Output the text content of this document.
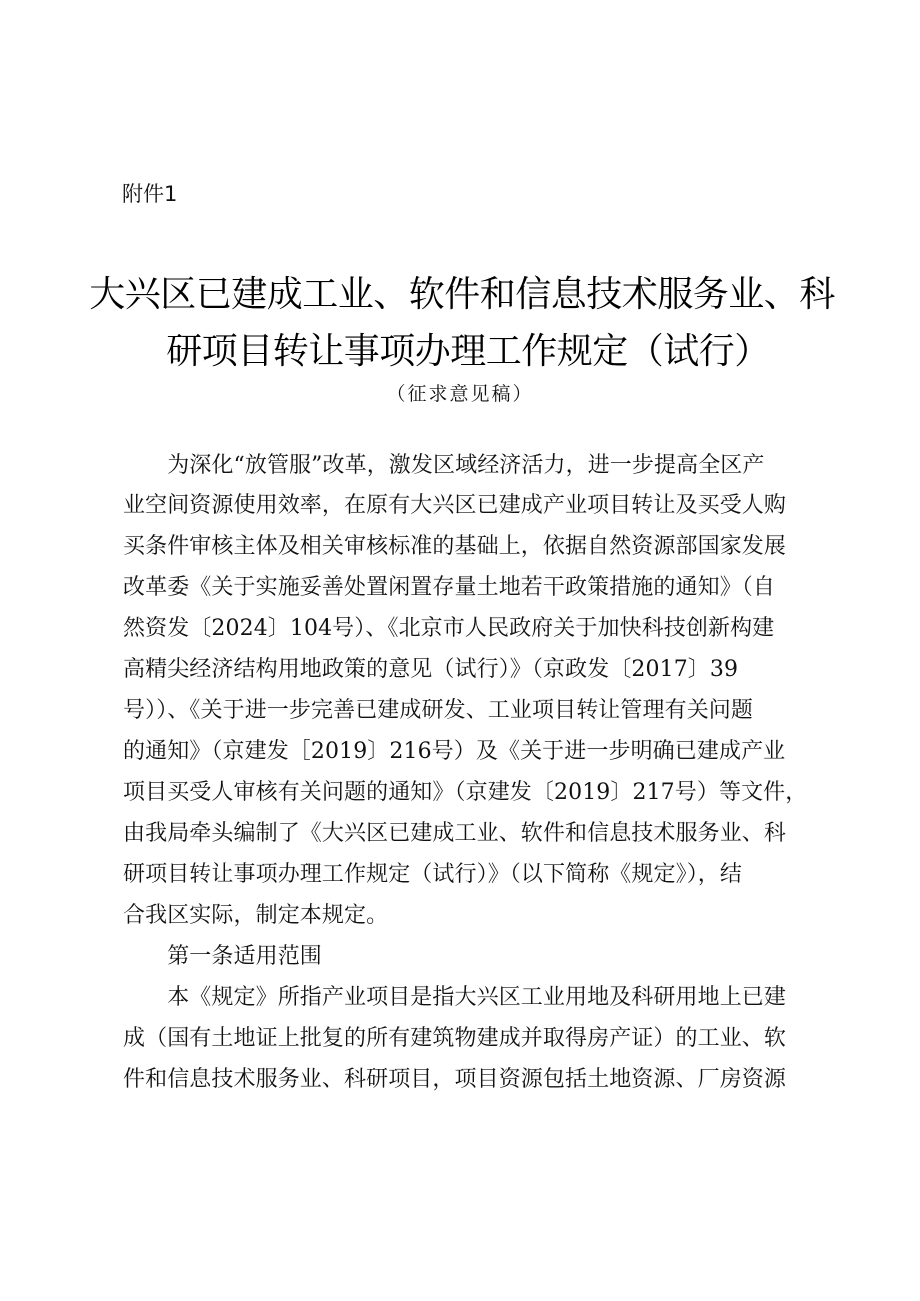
附件1
大兴区已建成工业、软件和信息技术服务业、科
研项目转让事项办理工作规定（试行）
（征求意见稿）
　　为深化“放管服”改革，激发区域经济活力，进一步提高全区产
业空间资源使用效率，在原有大兴区已建成产业项目转让及买受人购
买条件审核主体及相关审核标准的基础上，依据自然资源部国家发展
改革委《关于实施妥善处置闲置存量土地若干政策措施的通知》（自
然资发〔2024〕104号）、《北京市人民政府关于加快科技创新构建
高精尖经济结构用地政策的意见（试行）》（京政发〔2017〕39
号））、《关于进一步完善已建成研发、工业项目转让管理有关问题
的通知》（京建发［2019〕216号）及《关于进一步明确已建成产业
项目买受人审核有关问题的通知》（京建发〔2019〕217号）等文件，
由我局牵头编制了《大兴区已建成工业、软件和信息技术服务业、科
研项目转让事项办理工作规定（试行）》（以下简称《规定》），结
合我区实际，制定本规定。
　　第一条适用范围
　　本《规定》所指产业项目是指大兴区工业用地及科研用地上已建
成（国有土地证上批复的所有建筑物建成并取得房产证）的工业、软
件和信息技术服务业、科研项目，项目资源包括土地资源、厂房资源
